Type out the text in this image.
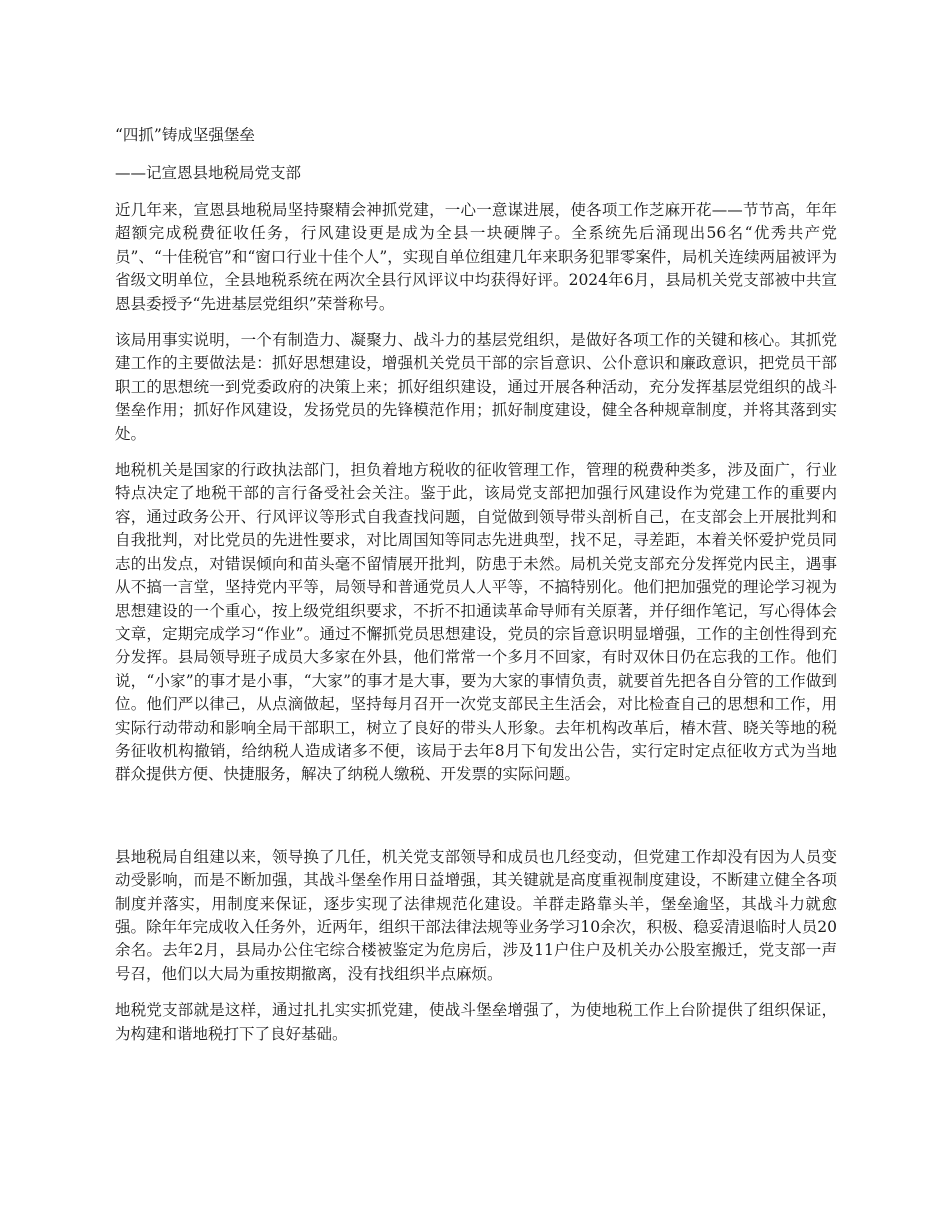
“四抓”铸成坚强堡垒
——记宣恩县地税局党支部

近几年来，宣恩县地税局坚持聚精会神抓党建，一心一意谋进展，使各项工作芝麻开花——节节高，年年超额完成税费征收任务，行风建设更是成为全县一块硬牌子。全系统先后涌现出56名“优秀共产党员”、“十佳税官”和“窗口行业十佳个人”，实现自单位组建几年来职务犯罪零案件，局机关连续两届被评为省级文明单位，全县地税系统在两次全县行风评议中均获得好评。2024年6月，县局机关党支部被中共宣恩县委授予“先进基层党组织”荣誉称号。

该局用事实说明，一个有制造力、凝聚力、战斗力的基层党组织，是做好各项工作的关键和核心。其抓党建工作的主要做法是：抓好思想建设，增强机关党员干部的宗旨意识、公仆意识和廉政意识，把党员干部职工的思想统一到党委政府的决策上来；抓好组织建设，通过开展各种活动，充分发挥基层党组织的战斗堡垒作用；抓好作风建设，发扬党员的先锋模范作用；抓好制度建设，健全各种规章制度，并将其落到实处。

地税机关是国家的行政执法部门，担负着地方税收的征收管理工作，管理的税费种类多，涉及面广，行业特点决定了地税干部的言行备受社会关注。鉴于此，该局党支部把加强行风建设作为党建工作的重要内容，通过政务公开、行风评议等形式自我查找问题，自觉做到领导带头剖析自己，在支部会上开展批判和自我批判，对比党员的先进性要求，对比周国知等同志先进典型，找不足，寻差距，本着关怀爱护党员同志的出发点，对错误倾向和苗头毫不留情展开批判，防患于未然。局机关党支部充分发挥党内民主，遇事从不搞一言堂，坚持党内平等，局领导和普通党员人人平等，不搞特别化。他们把加强党的理论学习视为思想建设的一个重心，按上级党组织要求，不折不扣通读革命导师有关原著，并仔细作笔记，写心得体会文章，定期完成学习“作业”。通过不懈抓党员思想建设，党员的宗旨意识明显增强，工作的主创性得到充分发挥。县局领导班子成员大多家在外县，他们常常一个多月不回家，有时双休日仍在忘我的工作。他们说，“小家”的事才是小事，“大家”的事才是大事，要为大家的事情负责，就要首先把各自分管的工作做到位。他们严以律己，从点滴做起，坚持每月召开一次党支部民主生活会，对比检查自己的思想和工作，用实际行动带动和影响全局干部职工，树立了良好的带头人形象。去年机构改革后，椿木营、晓关等地的税务征收机构撤销，给纳税人造成诸多不便，该局于去年8月下旬发出公告，实行定时定点征收方式为当地群众提供方便、快捷服务，解决了纳税人缴税、开发票的实际问题。

县地税局自组建以来，领导换了几任，机关党支部领导和成员也几经变动，但党建工作却没有因为人员变动受影响，而是不断加强，其战斗堡垒作用日益增强，其关键就是高度重视制度建设，不断建立健全各项制度并落实，用制度来保证，逐步实现了法律规范化建设。羊群走路靠头羊，堡垒逾坚，其战斗力就愈强。除年年完成收入任务外，近两年，组织干部法律法规等业务学习10余次，积极、稳妥清退临时人员20余名。去年2月，县局办公住宅综合楼被鉴定为危房后，涉及11户住户及机关办公股室搬迁，党支部一声号召，他们以大局为重按期撤离，没有找组织半点麻烦。

地税党支部就是这样，通过扎扎实实抓党建，使战斗堡垒增强了，为使地税工作上台阶提供了组织保证，为构建和谐地税打下了良好基础。
